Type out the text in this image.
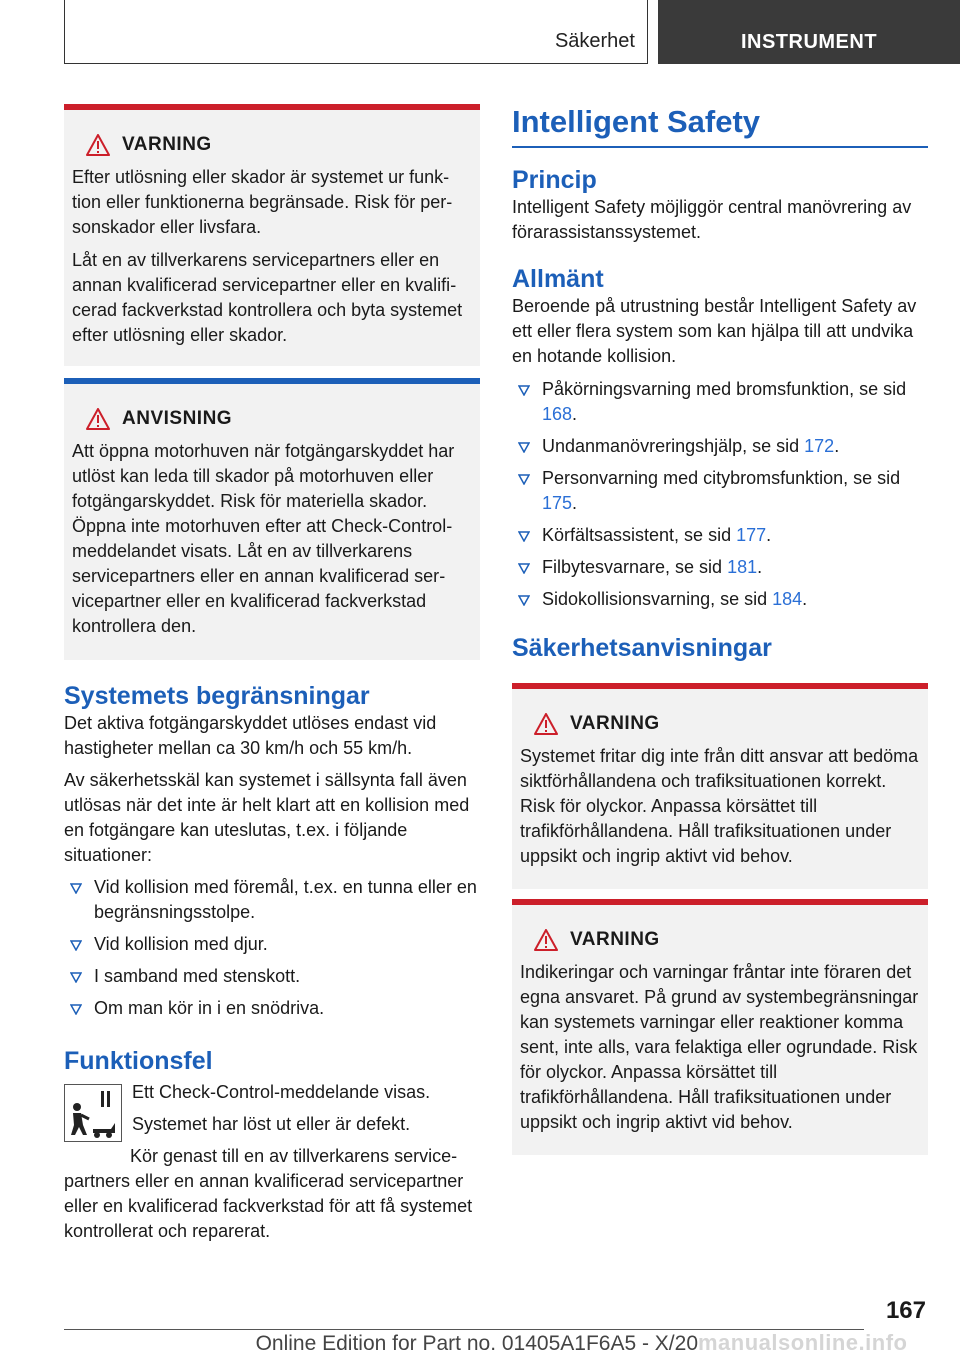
Säkerhet	INSTRUMENT
VARNING

Efter utlösning eller skador är systemet ur funktion eller funktionerna begränsade. Risk för personskador eller livsfara.

Låt en av tillverkarens servicepartners eller en annan kvalificerad servicepartner eller en kvalificerad fackverkstad kontrollera och byta systemet efter utlösning eller skador.

ANVISNING

Att öppna motorhuven när fotgängarskyddet har utlöst kan leda till skador på motorhuven eller fotgängarskyddet. Risk för materiella skador. Öppna inte motorhuven efter att Check-Control-meddelandet visats. Låt en av tillverkarens servicepartners eller en annan kvalificerad servicepartner eller en kvalificerad fackverkstad kontrollera den.

Systemets begränsningar

Det aktiva fotgängarskyddet utlöses endast vid hastigheter mellan ca 30 km/h och 55 km/h.

Av säkerhetsskäl kan systemet i sällsynta fall även utlösas när det inte är helt klart att en kollision med en fotgängare kan uteslutas, t.ex. i följande situationer:

Vid kollision med föremål, t.ex. en tunna eller en begränsningsstolpe.
Vid kollision med djur.
I samband med stenskott.
Om man kör in i en snödriva.
Funktionsfel

Ett Check-Control-meddelande visas.

Systemet har löst ut eller är defekt.

Kör genast till en av tillverkarens servicepartners eller en annan kvalificerad servicepartner eller en kvalificerad fackverkstad för att få systemet kontrollerat och reparerat.

Intelligent Safety
Princip

Intelligent Safety möjliggör central manövrering av förarassistanssystemet.

Allmänt

Beroende på utrustning består Intelligent Safety av ett eller flera system som kan hjälpa till att undvika en hotande kollision.

Påkörningsvarning med bromsfunktion, se sid 168.
Undanmanövreringshjälp, se sid 172.
Personvarning med citybromsfunktion, se sid 175.
Körfältsassistent, se sid 177.
Filbytesvarnare, se sid 181.
Sidokollisionsvarning, se sid 184.
Säkerhetsanvisningar
VARNING

Systemet fritar dig inte från ditt ansvar att bedöma siktförhållandena och trafiksituationen korrekt. Risk för olyckor. Anpassa körsättet till trafikförhållandena. Håll trafiksituationen under uppsikt och ingrip aktivt vid behov.

VARNING

Indikeringar och varningar fråntar inte föraren det egna ansvaret. På grund av systembegränsningar kan systemets varningar eller reaktioner komma sent, inte alls, vara felaktiga eller ogrundade. Risk för olyckor. Anpassa körsättet till trafikförhållandena. Håll trafiksituationen under uppsikt och ingrip aktivt vid behov.

167
manualsonline.info
Online Edition for Part no. 01405A1F6A5 - X/20
